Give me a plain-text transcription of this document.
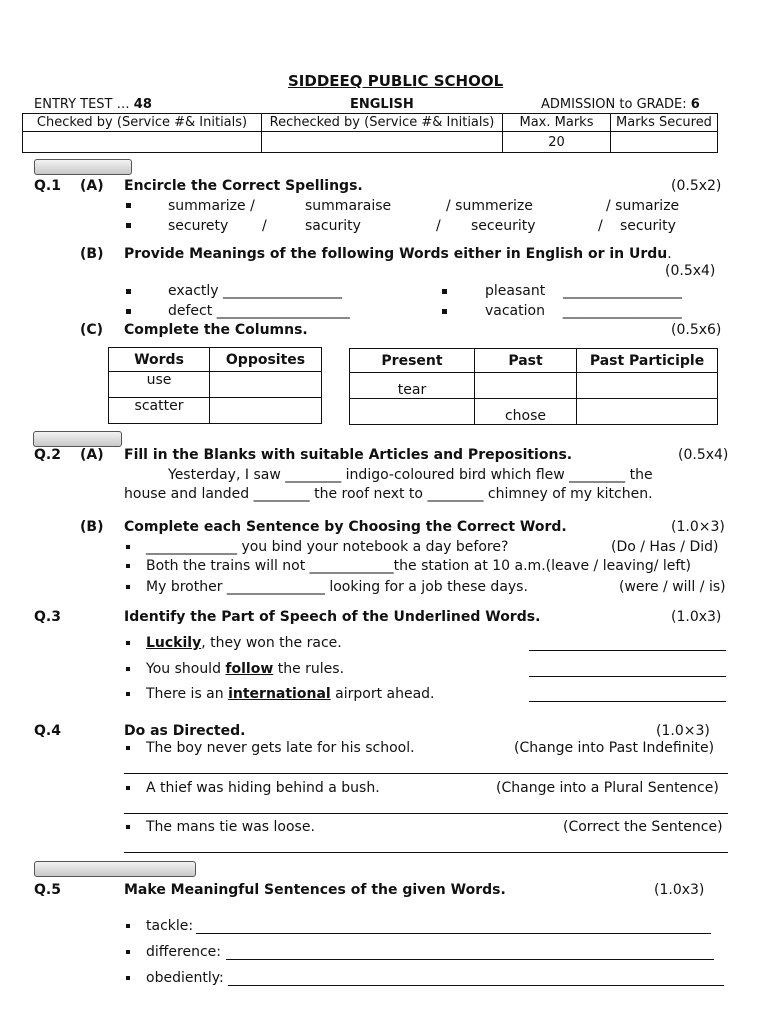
SIDDEEQ PUBLIC SCHOOL
ENTRY TEST … 48	ENGLISH	ADMISSION to GRADE: 6
Checked by (Service #& Initials)	Rechecked by (Service #& Initials)	Max. Marks	Marks Secured
		20	
Q.1 (A) Encircle the Correct Spellings.	(0.5x2)
summarize /	summaraise	/ summerize	/ sumarize
securety /	sacurity	/ seceurity	/ security
(B) Provide Meanings of the following Words either in English or in Urdu.
(0.5x4)
exactly _________________	pleasant _________________
defect ___________________	vacation _________________
(C) Complete the Columns.	(0.5x6)
Words	Opposites
use	
scatter	
Present	Past	Past Participle
tear		
	chose	
Q.2 (A) Fill in the Blanks with suitable Articles and Prepositions.	(0.5x4)
Yesterday, I saw ________ indigo-coloured bird which flew ________ the
house and landed ________ the roof next to ________ chimney of my kitchen.
(B) Complete each Sentence by Choosing the Correct Word.	(1.0×3)
_____________ you bind your notebook a day before?	(Do / Has / Did)
Both the trains will not ____________the station at 10 a.m.(leave / leaving/ left)
My brother ______________ looking for a job these days.	(were / will / is)
Q.3	Identify the Part of Speech of the Underlined Words.	(1.0x3)
Luckily, they won the race.
You should follow the rules.
There is an international airport ahead.
Q.4	Do as Directed.	(1.0×3)
The boy never gets late for his school.	(Change into Past Indefinite)
A thief was hiding behind a bush.	(Change into a Plural Sentence)
The mans tie was loose.	(Correct the Sentence)
Q.5	Make Meaningful Sentences of the given Words.	(1.0x3)
tackle:
difference:
obediently:
